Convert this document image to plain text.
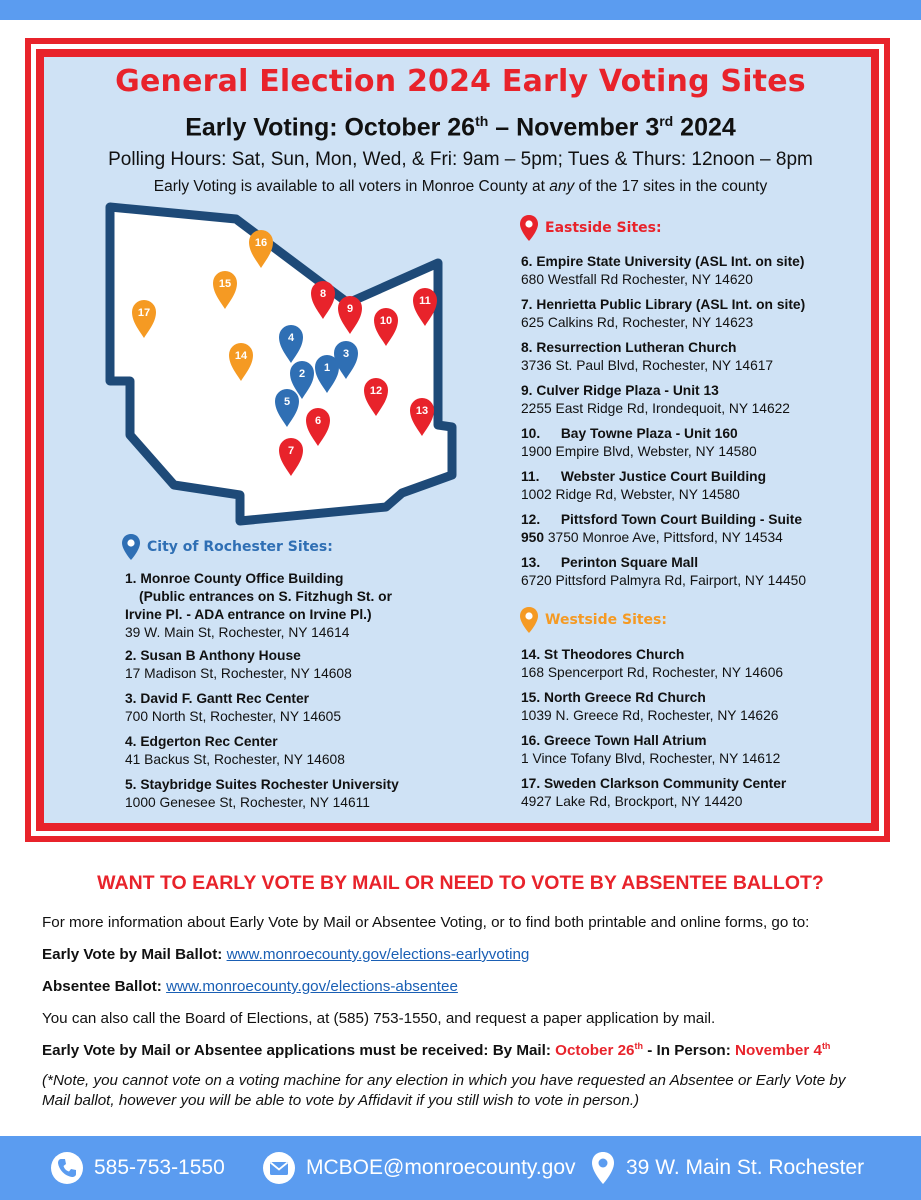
General Election 2024 Early Voting Sites
Early Voting: October 26th – November 3rd 2024
Polling Hours: Sat, Sun, Mon, Wed, & Fri: 9am – 5pm; Tues & Thurs: 12noon – 8pm
Early Voting is available to all voters in Monroe County at any of the 17 sites in the county
1
2
3
4
5
6
7
8
9
10
11
12
13
14
15
16
17
Eastside Sites:
6. Empire State University (ASL Int. on site)
680 Westfall Rd Rochester, NY 14620
7. Henrietta Public Library (ASL Int. on site)
625 Calkins Rd, Rochester, NY 14623
8. Resurrection Lutheran Church
3736 St. Paul Blvd, Rochester, NY 14617
9. Culver Ridge Plaza - Unit 13
2255 East Ridge Rd, Irondequoit, NY 14622
10. Bay Towne Plaza - Unit 160
1900 Empire Blvd, Webster, NY 14580
11. Webster Justice Court Building
1002 Ridge Rd, Webster, NY 14580
12. Pittsford Town Court Building - Suite
950 3750 Monroe Ave, Pittsford, NY 14534
13. Perinton Square Mall
6720 Pittsford Palmyra Rd, Fairport, NY 14450
Westside Sites:
14. St Theodores Church
168 Spencerport Rd, Rochester, NY 14606
15. North Greece Rd Church
1039 N. Greece Rd, Rochester, NY 14626
16. Greece Town Hall Atrium
1 Vince Tofany Blvd, Rochester, NY 14612
17. Sweden Clarkson Community Center
4927 Lake Rd, Brockport, NY 14420
City of Rochester Sites:
1. Monroe County Office Building
(Public entrances on S. Fitzhugh St. or
Irvine Pl. - ADA entrance on Irvine Pl.)
39 W. Main St, Rochester, NY 14614
2. Susan B Anthony House
17 Madison St, Rochester, NY 14608
3. David F. Gantt Rec Center
700 North St, Rochester, NY 14605
4. Edgerton Rec Center
41 Backus St, Rochester, NY 14608
5. Staybridge Suites Rochester University
1000 Genesee St, Rochester, NY 14611
WANT TO EARLY VOTE BY MAIL OR NEED TO VOTE BY ABSENTEE BALLOT?
For more information about Early Vote by Mail or Absentee Voting, or to find both printable and online forms, go to:
Early Vote by Mail Ballot: www.monroecounty.gov/elections-earlyvoting
Absentee Ballot: www.monroecounty.gov/elections-absentee
You can also call the Board of Elections, at (585) 753-1550, and request a paper application by mail.
Early Vote by Mail or Absentee applications must be received: By Mail: October 26th - In Person: November 4th
(*Note, you cannot vote on a voting machine for any election in which you have requested an Absentee or Early Vote by Mail ballot, however you will be able to vote by Affidavit if you still wish to vote in person.)
585-753-1550	MCBOE@monroecounty.gov 39 W. Main St. Rochester
